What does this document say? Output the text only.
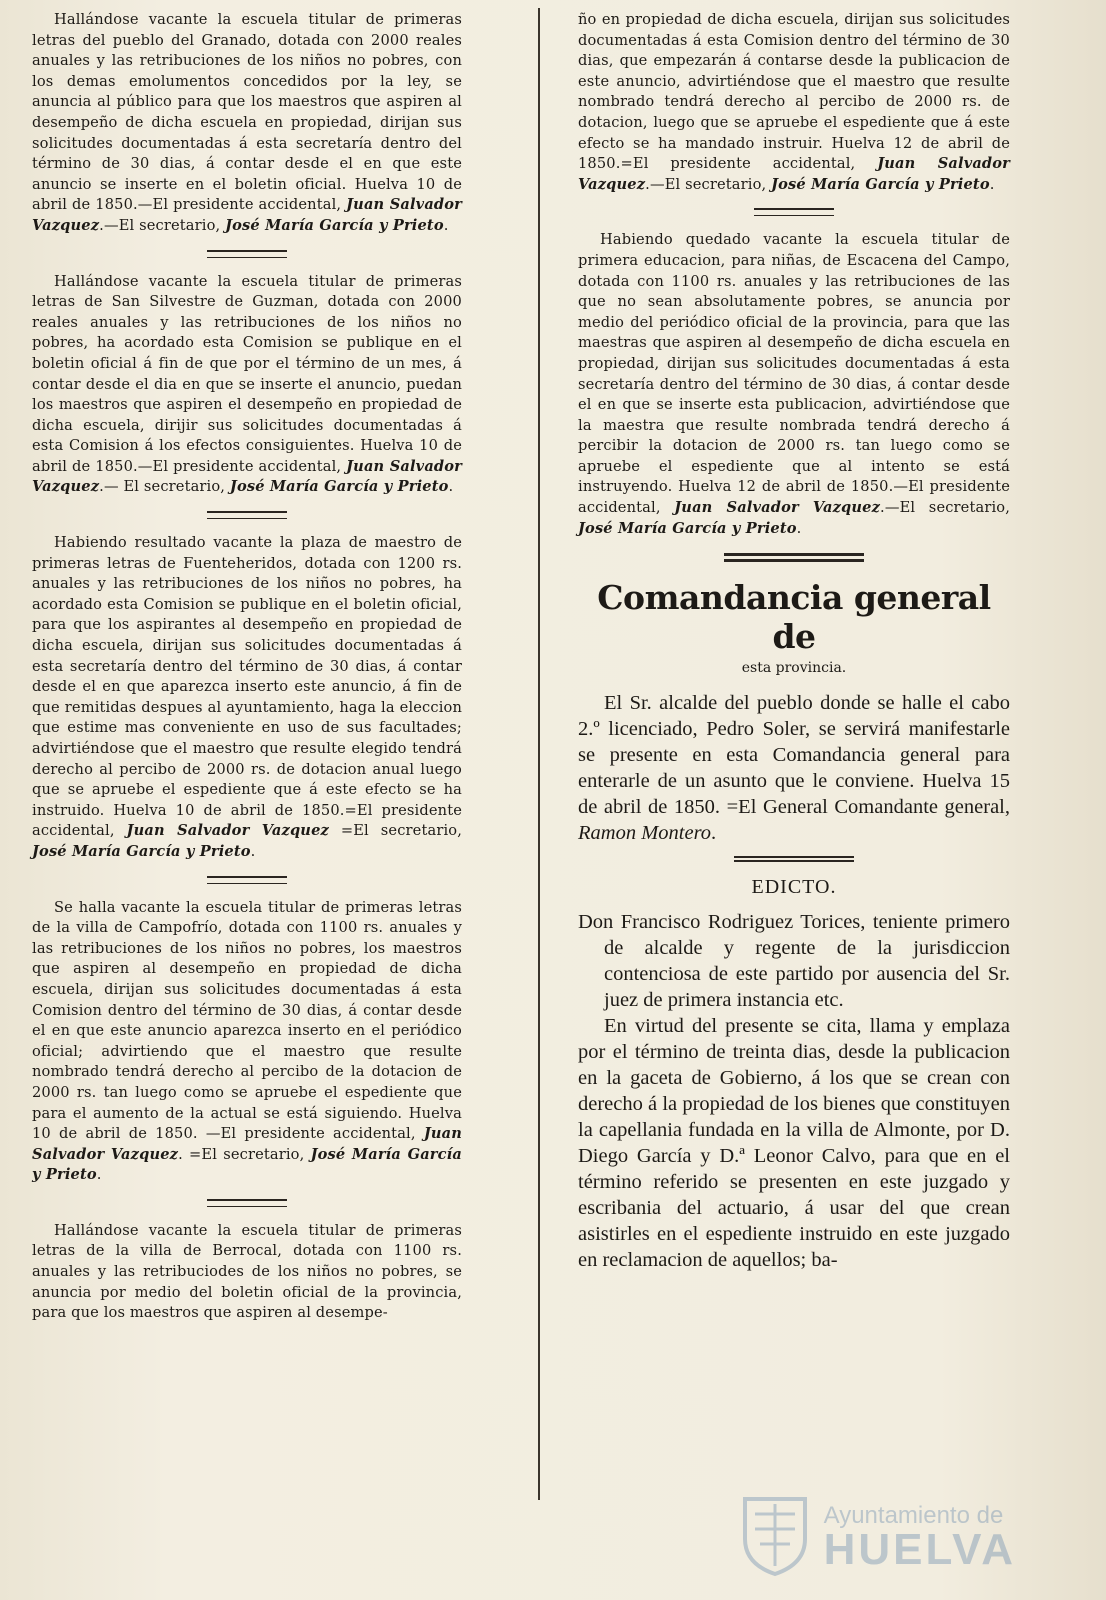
Hallándose vacante la escuela titular de primeras letras del pueblo del Granado, dotada con 2000 reales anuales y las retribuciones de los niños no pobres, con los demas emolumentos concedidos por la ley, se anuncia al público para que los maestros que aspiren al desempeño de dicha escuela en propiedad, dirijan sus solicitudes documentadas á esta secretaría dentro del término de 30 dias, á contar desde el en que este anuncio se inserte en el boletin oficial. Huelva 10 de abril de 1850.—El presidente accidental, Juan Salvador Vazquez.—El secretario, José María García y Prieto.

Hallándose vacante la escuela titular de primeras letras de San Silvestre de Guzman, dotada con 2000 reales anuales y las retribuciones de los niños no pobres, ha acordado esta Comision se publique en el boletin oficial á fin de que por el término de un mes, á contar desde el dia en que se inserte el anuncio, puedan los maestros que aspiren el desempeño en propiedad de dicha escuela, dirijir sus solicitudes documentadas á esta Comision á los efectos consiguientes. Huelva 10 de abril de 1850.—El presidente accidental, Juan Salvador Vazquez.— El secretario, José María García y Prieto.

Habiendo resultado vacante la plaza de maestro de primeras letras de Fuenteheridos, dotada con 1200 rs. anuales y las retribuciones de los niños no pobres, ha acordado esta Comision se publique en el boletin oficial, para que los aspirantes al desempeño en propiedad de dicha escuela, dirijan sus solicitudes documentadas á esta secretaría dentro del término de 30 dias, á contar desde el en que aparezca inserto este anuncio, á fin de que remitidas despues al ayuntamiento, haga la eleccion que estime mas conveniente en uso de sus facultades; advirtiéndose que el maestro que resulte elegido tendrá derecho al percibo de 2000 rs. de dotacion anual luego que se apruebe el espediente que á este efecto se ha instruido. Huelva 10 de abril de 1850.=El presidente accidental, Juan Salvador Vazquez =El secretario, José María García y Prieto.

Se halla vacante la escuela titular de primeras letras de la villa de Campofrío, dotada con 1100 rs. anuales y las retribuciones de los niños no pobres, los maestros que aspiren al desempeño en propiedad de dicha escuela, dirijan sus solicitudes documentadas á esta Comision dentro del término de 30 dias, á contar desde el en que este anuncio aparezca inserto en el periódico oficial; advirtiendo que el maestro que resulte nombrado tendrá derecho al percibo de la dotacion de 2000 rs. tan luego como se apruebe el espediente que para el aumento de la actual se está siguiendo. Huelva 10 de abril de 1850. —El presidente accidental, Juan Salvador Vazquez. =El secretario, José María García y Prieto.

Hallándose vacante la escuela titular de primeras letras de la villa de Berrocal, dotada con 1100 rs. anuales y las retribuciodes de los niños no pobres, se anuncia por medio del boletin oficial de la provincia, para que los maestros que aspiren al desempe-

ño en propiedad de dicha escuela, dirijan sus solicitudes documentadas á esta Comision dentro del término de 30 dias, que empezarán á contarse desde la publicacion de este anuncio, advirtiéndose que el maestro que resulte nombrado tendrá derecho al percibo de 2000 rs. de dotacion, luego que se apruebe el espediente que á este efecto se ha mandado instruir. Huelva 12 de abril de 1850.=El presidente accidental, Juan Salvador Vazquez.—El secretario, José María García y Prieto.

Habiendo quedado vacante la escuela titular de primera educacion, para niñas, de Escacena del Campo, dotada con 1100 rs. anuales y las retribuciones de las que no sean absolutamente pobres, se anuncia por medio del periódico oficial de la provincia, para que las maestras que aspiren al desempeño de dicha escuela en propiedad, dirijan sus solicitudes documentadas á esta secretaría dentro del término de 30 dias, á contar desde el en que se inserte esta publicacion, advirtiéndose que la maestra que resulte nombrada tendrá derecho á percibir la dotacion de 2000 rs. tan luego como se apruebe el espediente que al intento se está instruyendo. Huelva 12 de abril de 1850.—El presidente accidental, Juan Salvador Vazquez.—El secretario, José María García y Prieto.

Comandancia general de
esta provincia.

El Sr. alcalde del pueblo donde se halle el cabo 2.º licenciado, Pedro Soler, se servirá manifestarle se presente en esta Comandancia general para enterarle de un asunto que le conviene. Huelva 15 de abril de 1850. =El General Comandante general, Ramon Montero.

EDICTO.

Don Francisco Rodriguez Torices, teniente primero de alcalde y regente de la jurisdiccion contenciosa de este partido por ausencia del Sr. juez de primera instancia etc.

En virtud del presente se cita, llama y emplaza por el término de treinta dias, desde la publicacion en la gaceta de Gobierno, á los que se crean con derecho á la propiedad de los bienes que constituyen la capellania fundada en la villa de Almonte, por D. Diego García y D.ª Leonor Calvo, para que en el término referido se presenten en este juzgado y escribania del actuario, á usar del que crean asistirles en el espediente instruido en este juzgado en reclamacion de aquellos; ba-

Ayuntamiento de
HUELVA
